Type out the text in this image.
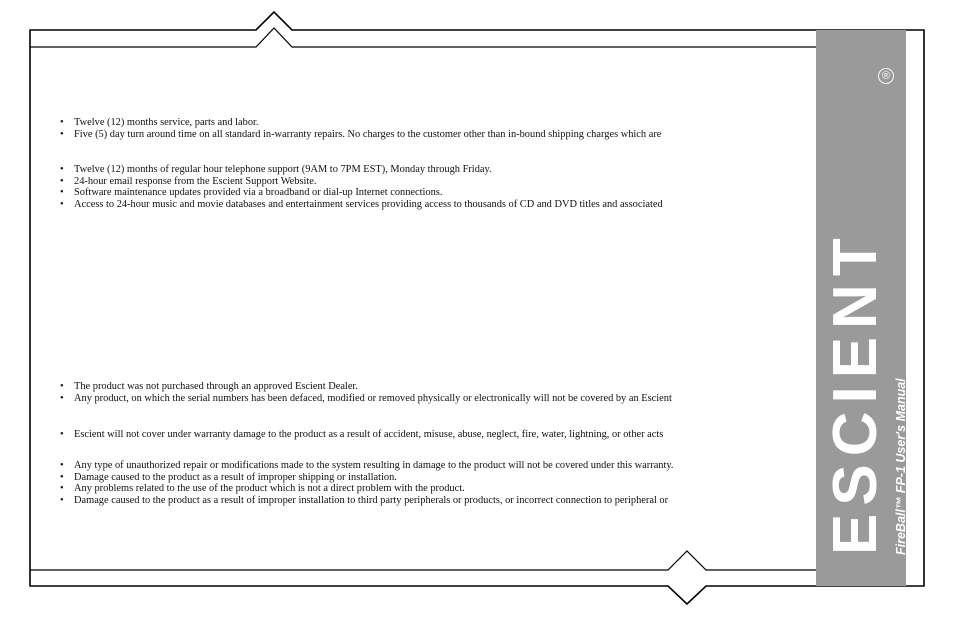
ESCIENT
®
FireBall™ FP-1 User's Manual
• Twelve (12) months service, parts and labor.
• Five (5) day turn around time on all standard in-warranty repairs. No charges to the customer other than in-bound shipping charges which are
• Twelve (12) months of regular hour telephone support (9AM to 7PM EST), Monday through Friday.
• 24-hour email response from the Escient Support Website.
• Software maintenance updates provided via a broadband or dial-up Internet connections.
• Access to 24-hour music and movie databases and entertainment services providing access to thousands of CD and DVD titles and associated
• The product was not purchased through an approved Escient Dealer.
• Any product, on which the serial numbers has been defaced, modified or removed physically or electronically will not be covered by an Escient
• Escient will not cover under warranty damage to the product as a result of accident, misuse, abuse, neglect, fire, water, lightning, or other acts
• Any type of unauthorized repair or modifications made to the system resulting in damage to the product will not be covered under this warranty.
• Damage caused to the product as a result of improper shipping or installation.
• Any problems related to the use of the product which is not a direct problem with the product.
• Damage caused to the product as a result of improper installation to third party peripherals or products, or incorrect connection to peripheral or
